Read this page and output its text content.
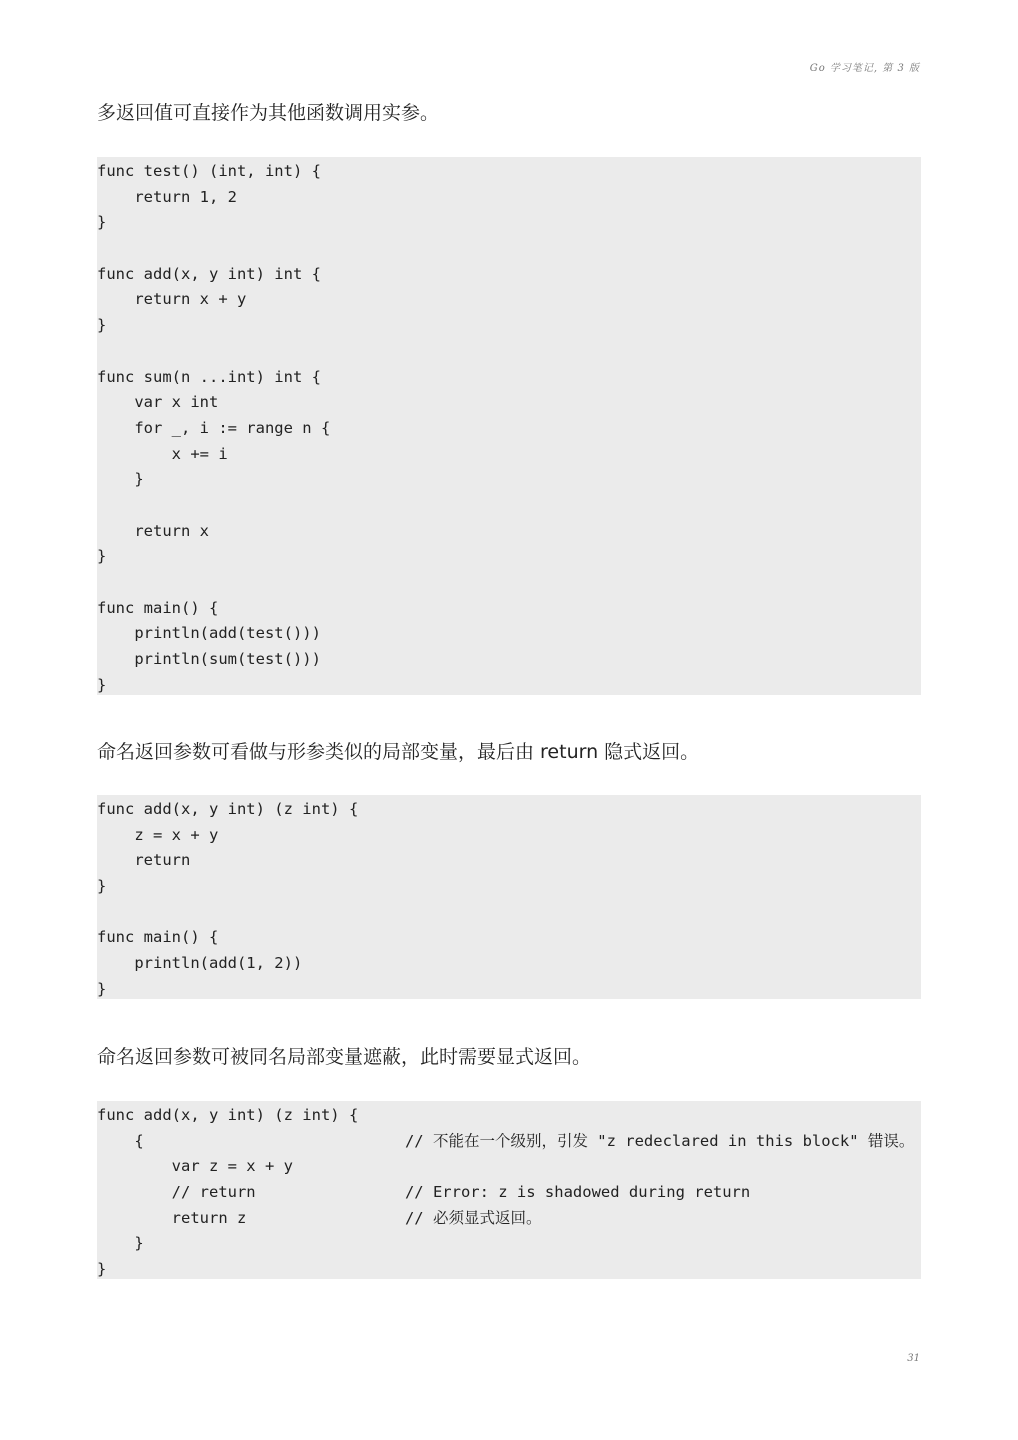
Go 学习笔记, 第 3 版

多返回值可直接作为其他函数调用实参。

func test() (int, int) {
return 1, 2
}
func add(x, y int) int {
return x + y
}
func sum(n ...int) int {
var x int
for _, i := range n {
x += i
}
return x
}
func main() {
println(add(test()))
println(sum(test()))
}

命名返回参数可看做与形参类似的局部变量，最后由 return 隐式返回。

func add(x, y int) (z int) {
z = x + y
return
}
func main() {
println(add(1, 2))
}

命名返回参数可被同名局部变量遮蔽，此时需要显式返回。

func add(x, y int) (z int) {
{                            // 不能在一个级别，引发 "z redeclared in this block" 错误。
var z = x + y
// return                // Error: z is shadowed during return
return z                 // 必须显式返回。
}
}
31
